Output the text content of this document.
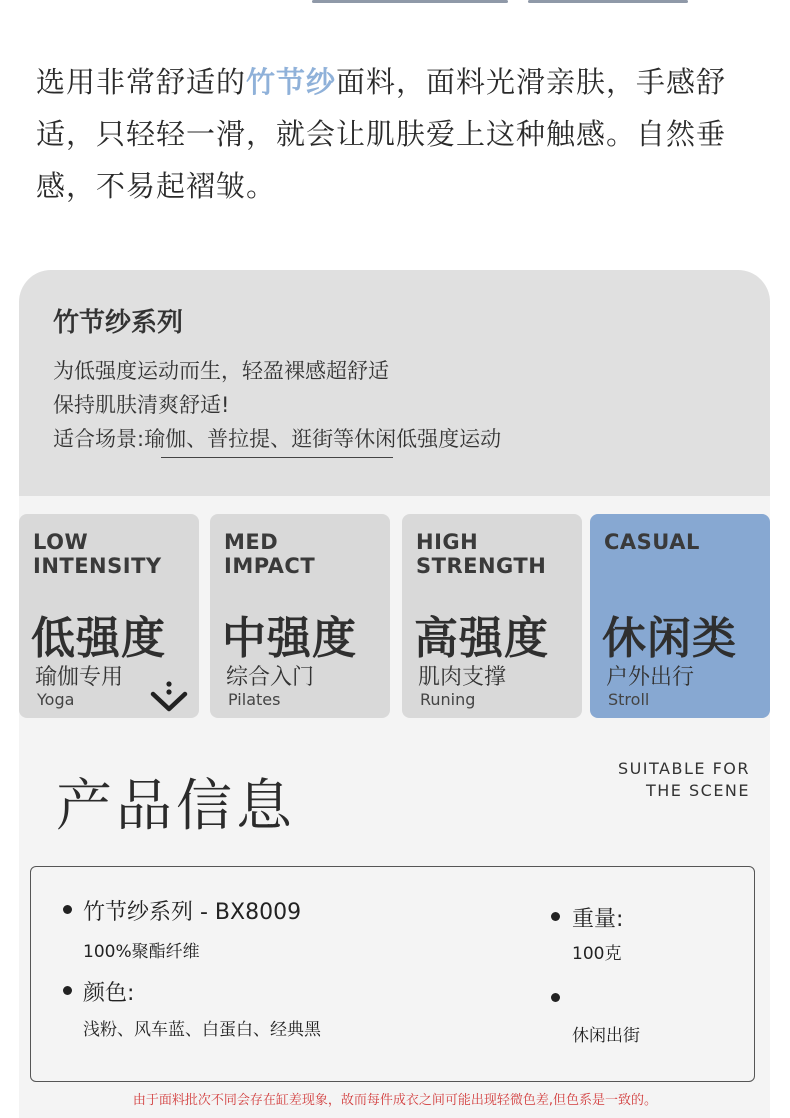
选用非常舒适的竹节纱面料，面料光滑亲肤，手感舒适，只轻轻一滑，就会让肌肤爱上这种触感。自然垂感，不易起褶皱。
竹节纱系列
为低强度运动而生，轻盈裸感超舒适
保持肌肤清爽舒适!
适合场景:瑜伽、普拉提、逛街等休闲低强度运动
LOW
INTENSITY
低强度
瑜伽专用
Yoga
MED
IMPACT
中强度
综合入门
Pilates
HIGH
STRENGTH
高强度
肌肉支撑
Runing
CASUAL
休闲类
户外出行
Stroll
产品信息
SUITABLE FOR
THE SCENE
竹节纱系列 - BX8009
100%聚酯纤维
颜色:
浅粉、风车蓝、白蛋白、经典黑
重量:
100克
休闲出街
由于面料批次不同会存在缸差现象，故而每件成衣之间可能出现轻微色差,但色系是一致的。
